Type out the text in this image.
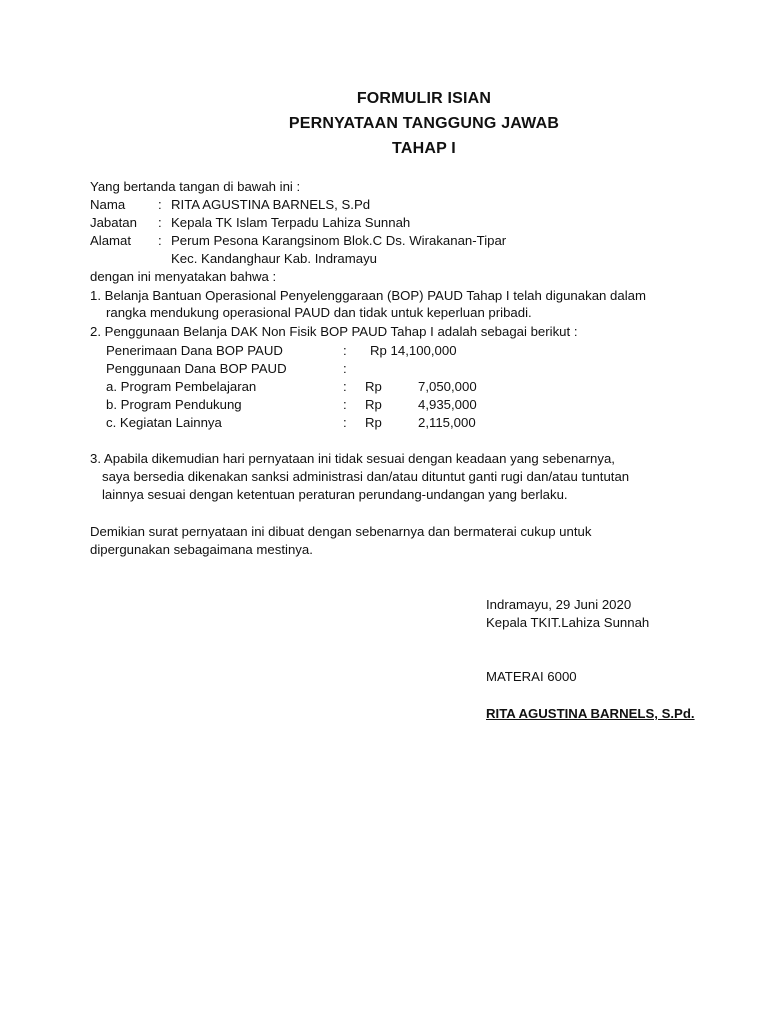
FORMULIR ISIAN
PERNYATAAN TANGGUNG JAWAB
TAHAP I
Yang bertanda tangan di bawah ini :
Nama : RITA AGUSTINA BARNELS, S.Pd
Jabatan : Kepala TK Islam Terpadu Lahiza Sunnah
Alamat : Perum Pesona Karangsinom Blok.C Ds. Wirakanan-Tipar
Kec. Kandanghaur Kab. Indramayu
dengan ini menyatakan bahwa :
1. Belanja Bantuan Operasional Penyelenggaraan (BOP) PAUD Tahap I telah digunakan dalam
rangka mendukung operasional PAUD dan tidak untuk keperluan pribadi.
2. Penggunaan Belanja DAK Non Fisik BOP PAUD Tahap I adalah sebagai berikut :
Penerimaan Dana BOP PAUD	: Rp 14,100,000
Penggunaan Dana BOP PAUD	:
a. Program Pembelajaran	: Rp	7,050,000
b. Program Pendukung	: Rp	4,935,000
c. Kegiatan Lainnya	: Rp	2,115,000
3. Apabila dikemudian hari pernyataan ini tidak sesuai dengan keadaan yang sebenarnya,
saya bersedia dikenakan sanksi administrasi dan/atau dituntut ganti rugi dan/atau tuntutan
lainnya sesuai dengan ketentuan peraturan perundang-undangan yang berlaku.
Demikian surat pernyataan ini dibuat dengan sebenarnya dan bermaterai cukup untuk
dipergunakan sebagaimana mestinya.
Indramayu, 29 Juni 2020
Kepala TKIT.Lahiza Sunnah
MATERAI 6000
RITA AGUSTINA BARNELS, S.Pd.
